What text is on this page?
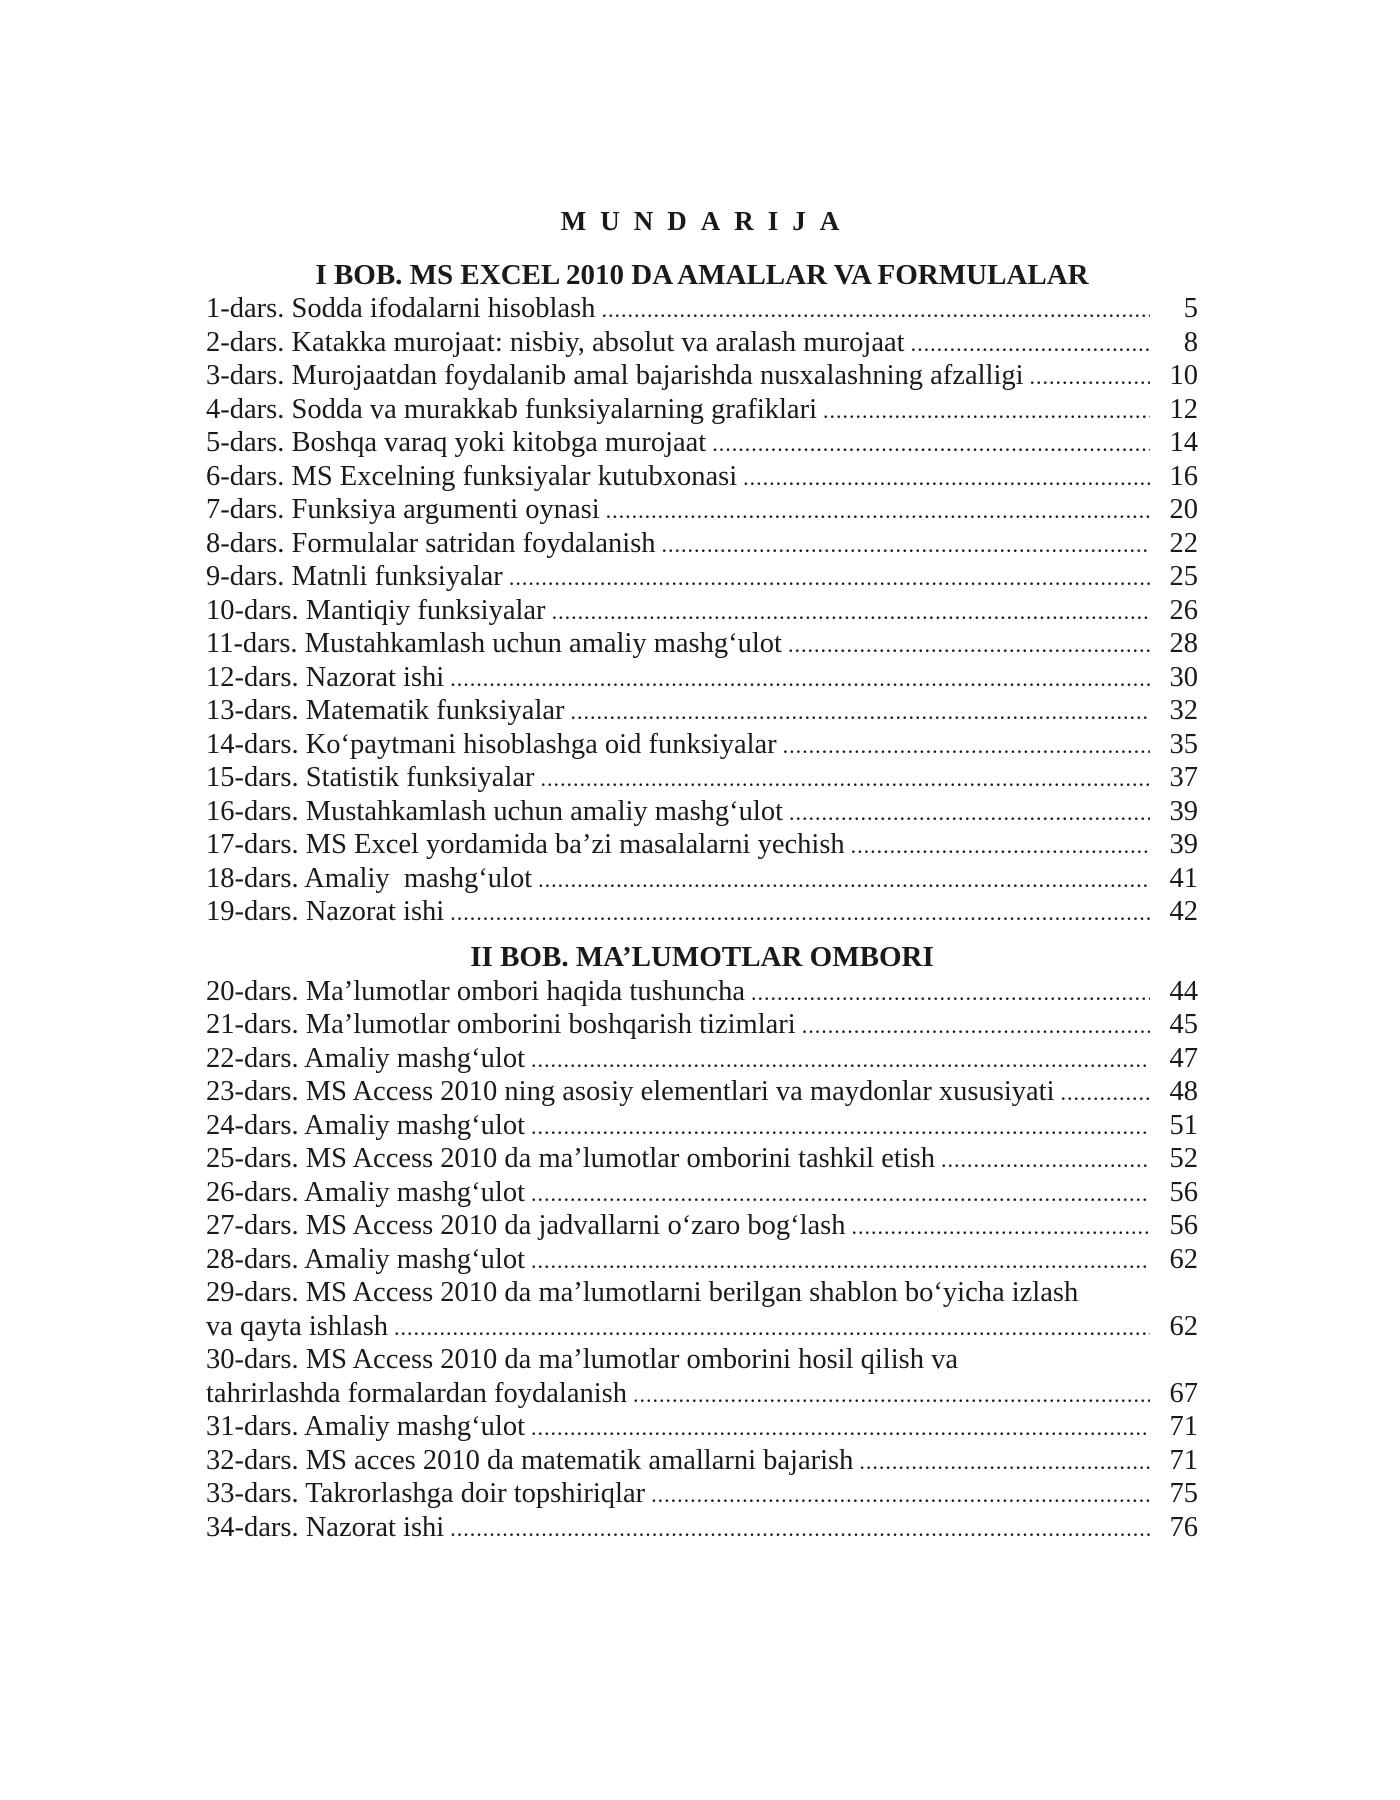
MUNDARIJA
I BOB. MS EXCEL 2010 DA AMALLAR VA FORMULALAR
1-dars. Sodda ifodalarni hisoblash .....	5
2-dars. Katakka murojaat: nisbiy, absolut va aralash murojaat .....	8
3-dars. Murojaatdan foydalanib amal bajarishda nusxalashning afzalligi .....	10
4-dars. Sodda va murakkab funksiyalarning grafiklari .....	12
5-dars. Boshqa varaq yoki kitobga murojaat .....	14
6-dars. MS Excelning funksiyalar kutubxonasi .....	16
7-dars. Funksiya argumenti oynasi .....	20
8-dars. Formulalar satridan foydalanish .....	22
9-dars. Matnli funksiyalar .....	25
10-dars. Mantiqiy funksiyalar .....	26
11-dars. Mustahkamlash uchun amaliy mashg‘ulot .....	28
12-dars. Nazorat ishi .....	30
13-dars. Matematik funksiyalar .....	32
14-dars. Ko‘paytmani hisoblashga oid funksiyalar .....	35
15-dars. Statistik funksiyalar .....	37
16-dars. Mustahkamlash uchun amaliy mashg‘ulot .....	39
17-dars. MS Excel yordamida ba’zi masalalarni yechish .....	39
18-dars. Amaliy  mashg‘ulot .....	41
19-dars. Nazorat ishi .....	42
II BOB. MA’LUMOTLAR OMBORI
20-dars. Ma’lumotlar ombori haqida tushuncha .....	44
21-dars. Ma’lumotlar omborini boshqarish tizimlari .....	45
22-dars. Amaliy mashg‘ulot .....	47
23-dars. MS Access 2010 ning asosiy elementlari va maydonlar xususiyati .....	48
24-dars. Amaliy mashg‘ulot .....	51
25-dars. MS Access 2010 da ma’lumotlar omborini tashkil etish .....	52
26-dars. Amaliy mashg‘ulot .....	56
27-dars. MS Access 2010 da jadvallarni o‘zaro bog‘lash .....	56
28-dars. Amaliy mashg‘ulot .....	62
29-dars. MS Access 2010 da ma’lumotlarni berilgan shablon bo‘yicha izlash
va qayta ishlash .....	62
30-dars. MS Access 2010 da ma’lumotlar omborini hosil qilish va
tahrirlashda formalardan foydalanish .....	67
31-dars. Amaliy mashg‘ulot .....	71
32-dars. MS acces 2010 da matematik amallarni bajarish .....	71
33-dars. Takrorlashga doir topshiriqlar .....	75
34-dars. Nazorat ishi .....	76
